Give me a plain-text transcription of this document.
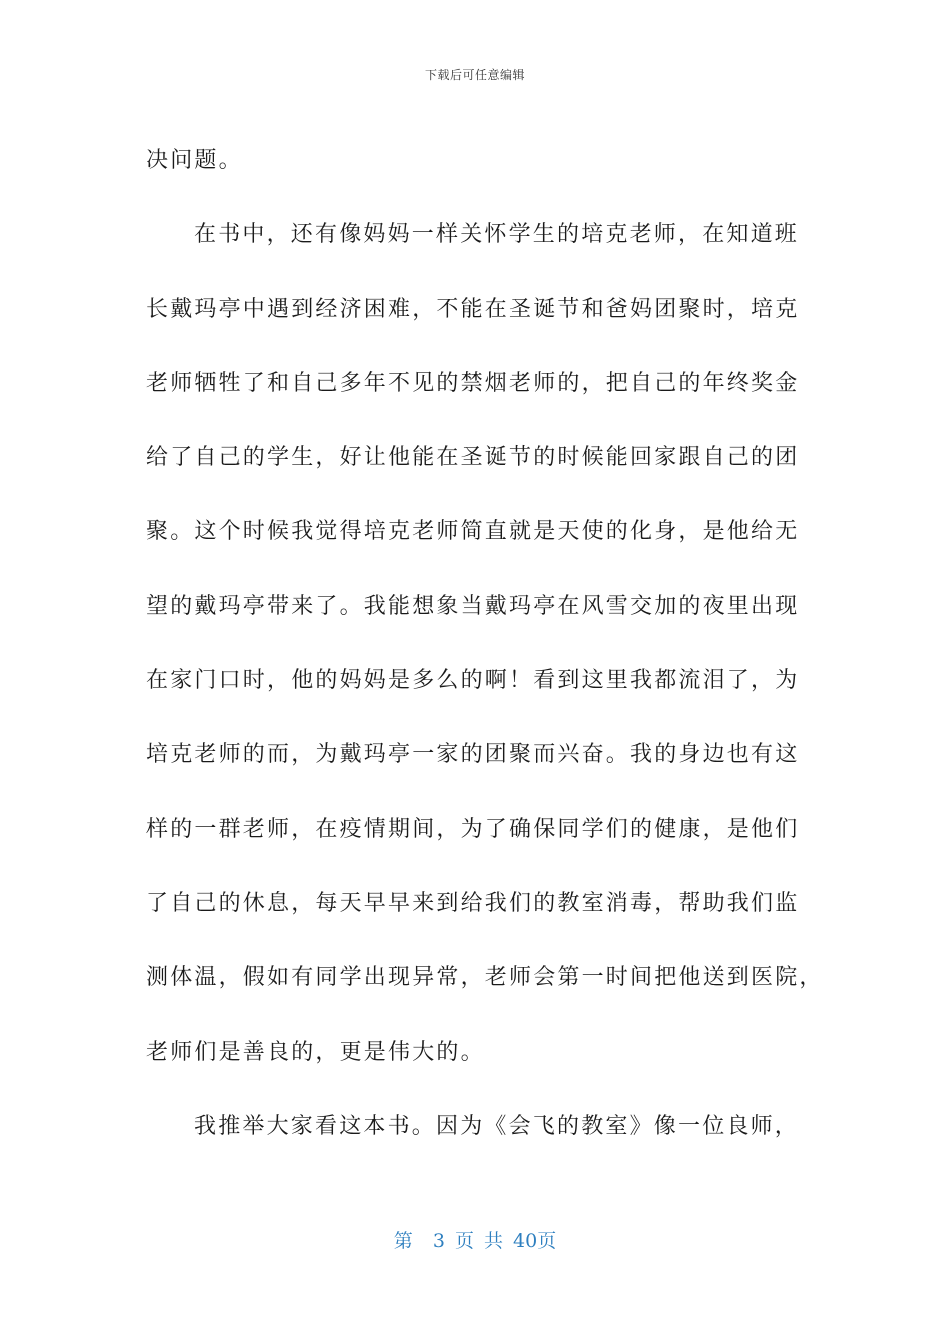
下载后可任意编辑

决问题。

在书中，还有像妈妈一样关怀学生的培克老师，在知道班
长戴玛亭中遇到经济困难，不能在圣诞节和爸妈团聚时，培克
老师牺牲了和自己多年不见的禁烟老师的，把自己的年终奖金
给了自己的学生，好让他能在圣诞节的时候能回家跟自己的团
聚。这个时候我觉得培克老师简直就是天使的化身，是他给无
望的戴玛亭带来了。我能想象当戴玛亭在风雪交加的夜里出现
在家门口时，他的妈妈是多么的啊！看到这里我都流泪了，为
培克老师的而，为戴玛亭一家的团聚而兴奋。我的身边也有这
样的一群老师，在疫情期间，为了确保同学们的健康，是他们
了自己的休息，每天早早来到给我们的教室消毒，帮助我们监
测体温，假如有同学出现异常，老师会第一时间把他送到医院，
老师们是善良的，更是伟大的。

我推举大家看这本书。因为《会飞的教室》像一位良师，

第  3 页 共 40页
